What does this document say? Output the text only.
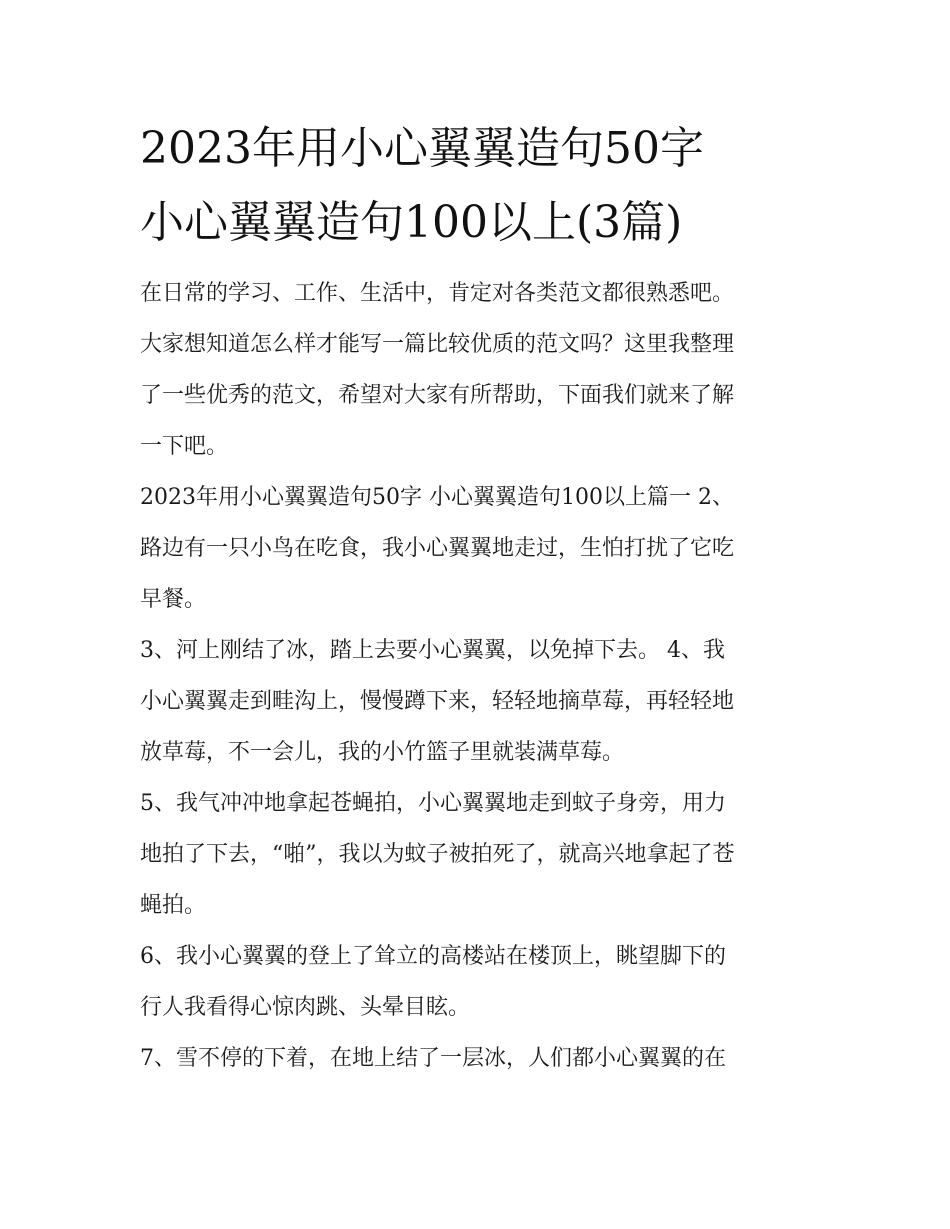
2023年用小心翼翼造句50字
小心翼翼造句100以上(3篇)

在日常的学习、工作、生活中，肯定对各类范文都很熟悉吧。
大家想知道怎么样才能写一篇比较优质的范文吗？这里我整理
了一些优秀的范文，希望对大家有所帮助，下面我们就来了解
一下吧。

2023年用小心翼翼造句50字 小心翼翼造句100以上篇一 2、
路边有一只小鸟在吃食，我小心翼翼地走过，生怕打扰了它吃
早餐。

3、河上刚结了冰，踏上去要小心翼翼，以免掉下去。 4、我
小心翼翼走到畦沟上，慢慢蹲下来，轻轻地摘草莓，再轻轻地
放草莓，不一会儿，我的小竹篮子里就装满草莓。

5、我气冲冲地拿起苍蝇拍，小心翼翼地走到蚊子身旁，用力
地拍了下去，“啪”，我以为蚊子被拍死了，就高兴地拿起了苍
蝇拍。

6、我小心翼翼的登上了耸立的高楼站在楼顶上，眺望脚下的
行人我看得心惊肉跳、头晕目眩。

7、雪不停的下着，在地上结了一层冰，人们都小心翼翼的在
